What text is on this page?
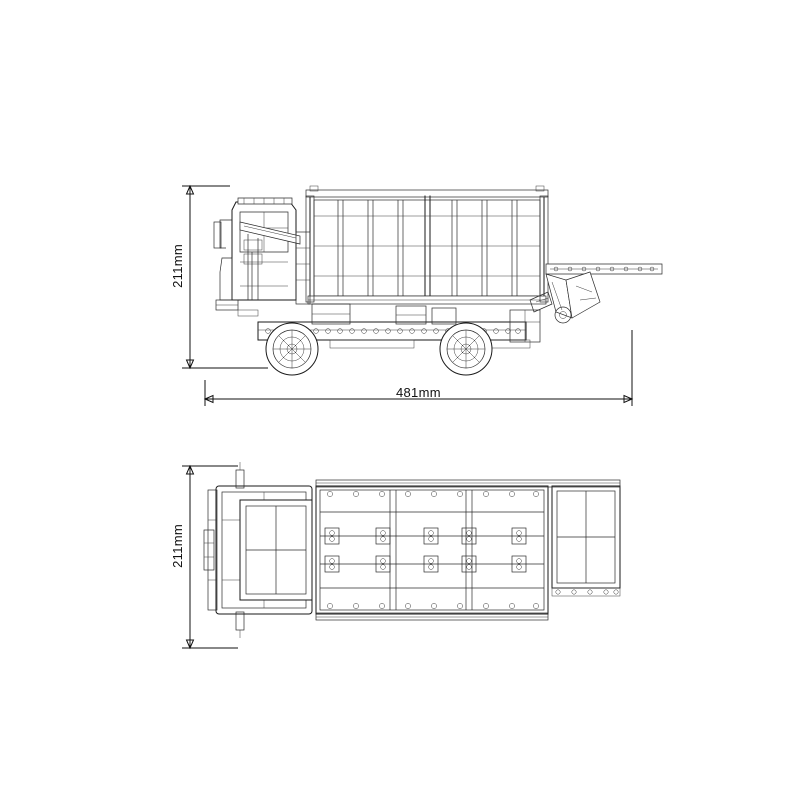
211mm
211mm
481mm
